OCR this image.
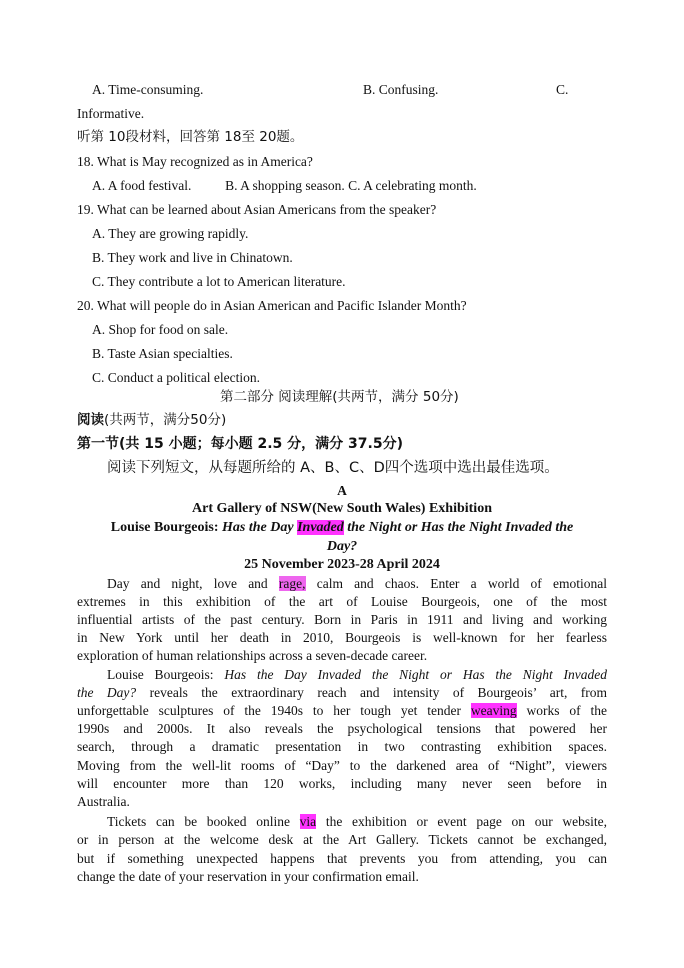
A. Time-consuming.	B. Confusing.	C.
Informative.
听第 10段材料，回答第 18至 20题。
18. What is May recognized as in America?
A. A food festival.          B. A shopping season. C. A celebrating month.
19. What can be learned about Asian Americans from the speaker?
A. They are growing rapidly.
B. They work and live in Chinatown.
C. They contribute a lot to American literature.
20. What will people do in Asian American and Pacific Islander Month?
A. Shop for food on sale.
B. Taste Asian specialties.
C. Conduct a political election.
第二部分 阅读理解(共两节，满分 50分)
阅读(共两节，满分50分)
第一节(共 15 小题；每小题 2.5 分，满分 37.5分)
阅读下列短文，从每题所给的 A、B、C、D四个选项中选出最佳选项。
A
Art Gallery of NSW(New South Wales) Exhibition
Louise Bourgeois: Has the Day Invaded the Night or Has the Night Invaded the
Day?
25 November 2023-28 April 2024
Day and night, love and rage, calm and chaos. Enter a world of emotional
extremes in this exhibition of the art of Louise Bourgeois, one of the most
influential artists of the past century. Born in Paris in 1911 and living and working
in New York until her death in 2010, Bourgeois is well-known for her fearless
exploration of human relationships across a seven-decade career.
Louise Bourgeois: Has the Day Invaded the Night or Has the Night Invaded
the Day? reveals the extraordinary reach and intensity of Bourgeois’ art, from
unforgettable sculptures of the 1940s to her tough yet tender weaving works of the
1990s and 2000s. It also reveals the psychological tensions that powered her
search, through a dramatic presentation in two contrasting exhibition spaces.
Moving from the well-lit rooms of “Day” to the darkened area of “Night”, viewers
will encounter more than 120 works, including many never seen before in
Australia.
Tickets can be booked online via the exhibition or event page on our website,
or in person at the welcome desk at the Art Gallery. Tickets cannot be exchanged,
but if something unexpected happens that prevents you from attending, you can
change the date of your reservation in your confirmation email.
